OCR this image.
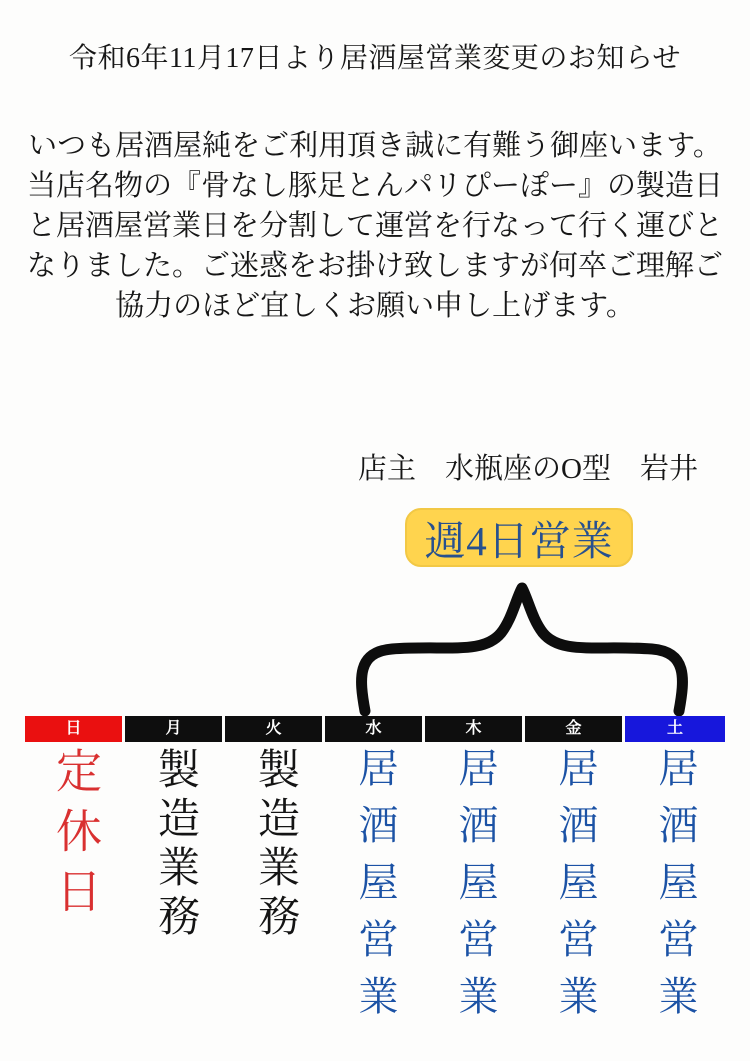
令和6年11月17日より居酒屋営業変更のお知らせ
いつも居酒屋純をご利用頂き誠に有難う御座います。
当店名物の『骨なし豚足とんパリぴーぽー』の製造日
と居酒屋営業日を分割して運営を行なって行く運びと
なりました。ご迷惑をお掛け致しますが何卒ご理解ご
協力のほど宜しくお願い申し上げます。
店主　水瓶座のO型　岩井
週4日営業
日	月	火	水	木	金	土
定休日 製造業務 製造業務 居酒屋営業 居酒屋営業 居酒屋営業 居酒屋営業
